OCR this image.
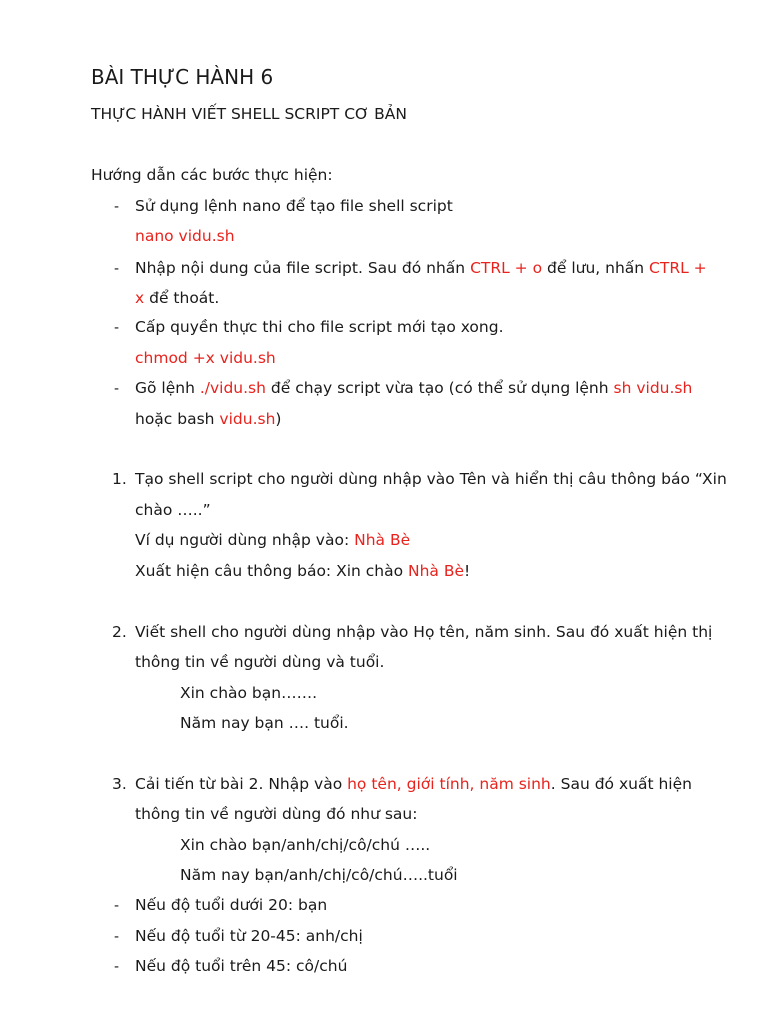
BÀI THỰC HÀNH 6
THỰC HÀNH VIẾT SHELL SCRIPT CƠ BẢN
Hướng dẫn các bước thực hiện:
- Sử dụng lệnh nano để tạo file shell script
nano vidu.sh
- Nhập nội dung của file script. Sau đó nhấn CTRL + o để lưu, nhấn CTRL +
x để thoát.
- Cấp quyền thực thi cho file script mới tạo xong.
chmod +x vidu.sh
- Gõ lệnh ./vidu.sh để chạy script vừa tạo (có thể sử dụng lệnh sh vidu.sh
hoặc bash vidu.sh)
1. Tạo shell script cho người dùng nhập vào Tên và hiển thị câu thông báo “Xin
chào …..”
Ví dụ người dùng nhập vào: Nhà Bè
Xuất hiện câu thông báo: Xin chào Nhà Bè!
2. Viết shell cho người dùng nhập vào Họ tên, năm sinh. Sau đó xuất hiện thị
thông tin về người dùng và tuổi.
Xin chào bạn…….
Năm nay bạn …. tuổi.
3. Cải tiến từ bài 2. Nhập vào họ tên, giới tính, năm sinh. Sau đó xuất hiện
thông tin về người dùng đó như sau:
Xin chào bạn/anh/chị/cô/chú …..
Năm nay bạn/anh/chị/cô/chú…..tuổi
- Nếu độ tuổi dưới 20: bạn
- Nếu độ tuổi từ 20-45: anh/chị
- Nếu độ tuổi trên 45: cô/chú
